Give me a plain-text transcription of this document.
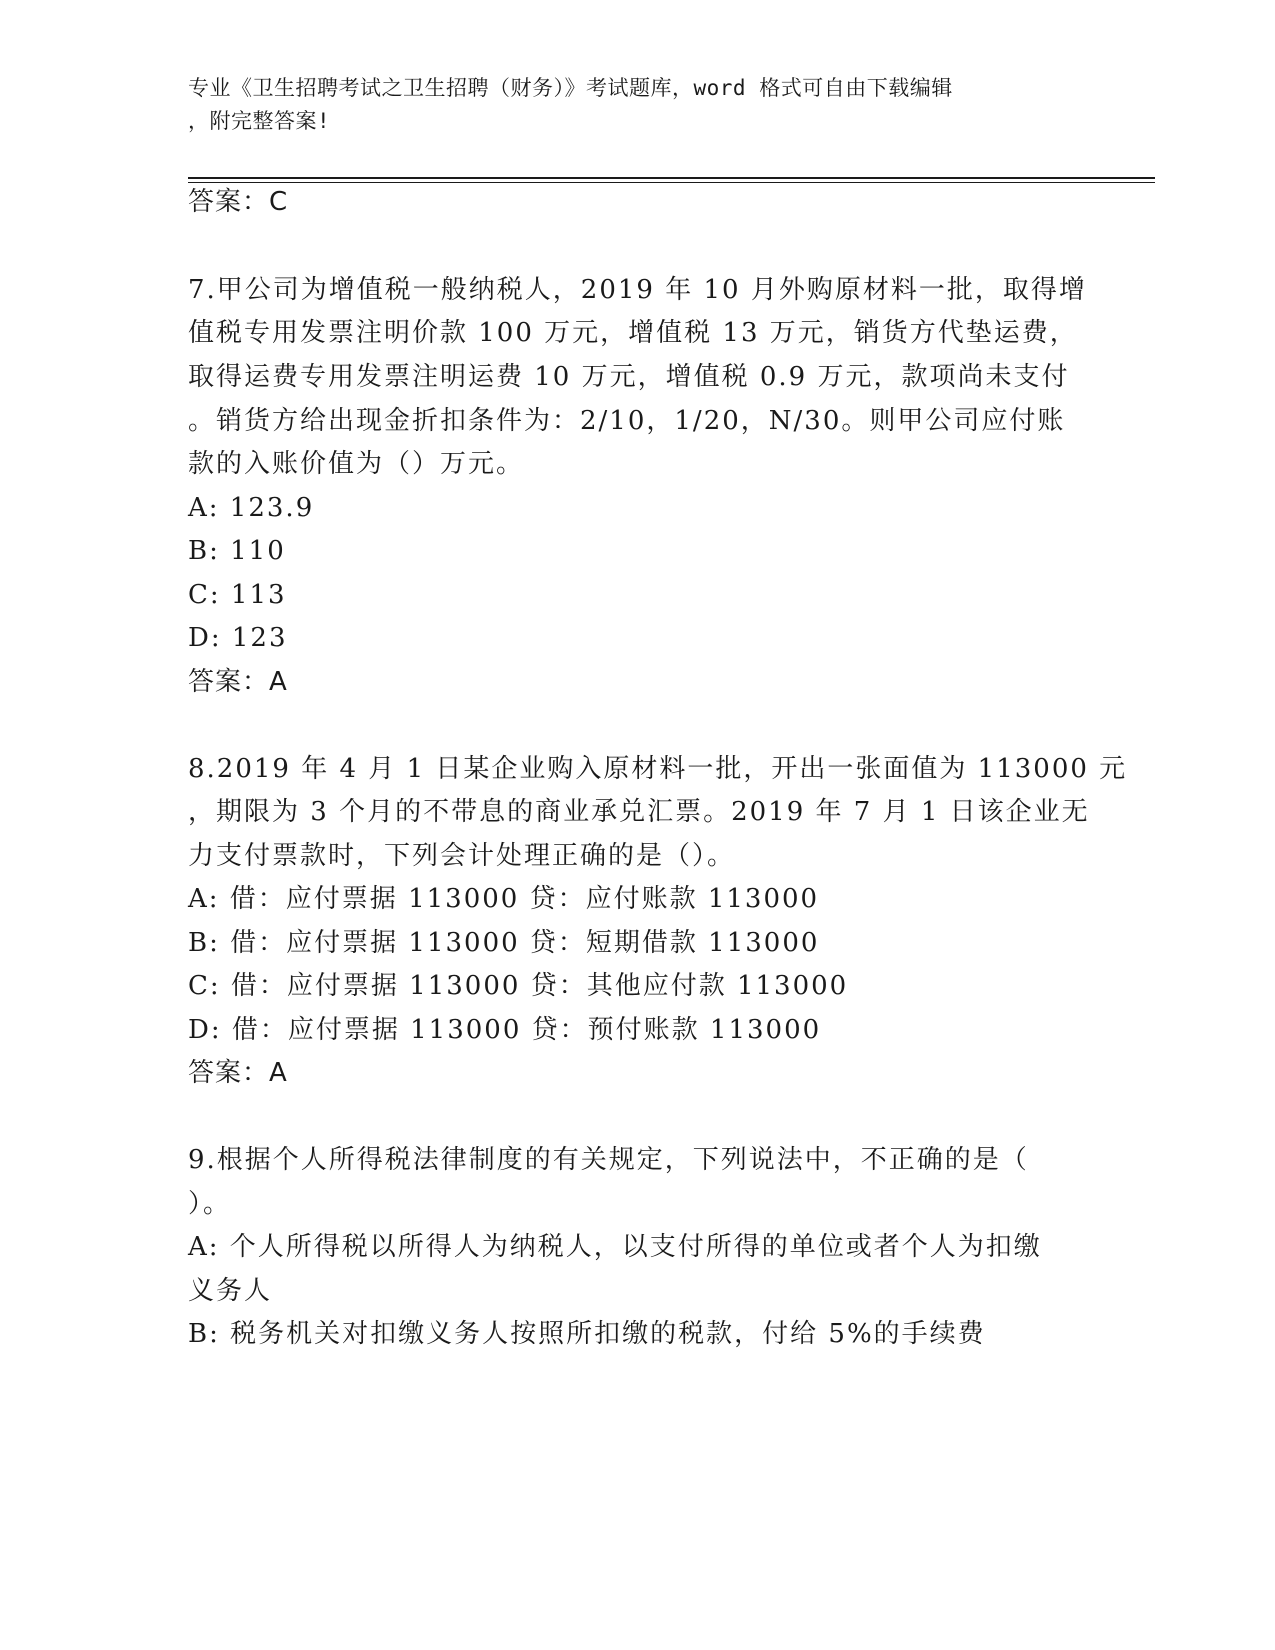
专业《卫生招聘考试之卫生招聘（财务）》考试题库，word 格式可自由下载编辑
，附完整答案!
答案：C
7.甲公司为增值税一般纳税人，2019 年 10 月外购原材料一批，取得增
值税专用发票注明价款 100 万元，增值税 13 万元，销货方代垫运费，
取得运费专用发票注明运费 10 万元，增值税 0.9 万元，款项尚未支付
。销货方给出现金折扣条件为：2/10，1/20，N/30。则甲公司应付账
款的入账价值为（）万元。
A: 123.9
B: 110
C: 113
D: 123
答案：A
8.2019 年 4 月 1 日某企业购入原材料一批，开出一张面值为 113000 元
，期限为 3 个月的不带息的商业承兑汇票。2019 年 7 月 1 日该企业无
力支付票款时，下列会计处理正确的是（）。
A: 借：应付票据 113000 贷：应付账款 113000
B: 借：应付票据 113000 贷：短期借款 113000
C: 借：应付票据 113000 贷：其他应付款 113000
D: 借：应付票据 113000 贷：预付账款 113000
答案：A
9.根据个人所得税法律制度的有关规定，下列说法中，不正确的是（
）。
A: 个人所得税以所得人为纳税人，以支付所得的单位或者个人为扣缴
义务人
B: 税务机关对扣缴义务人按照所扣缴的税款，付给 5%的手续费
